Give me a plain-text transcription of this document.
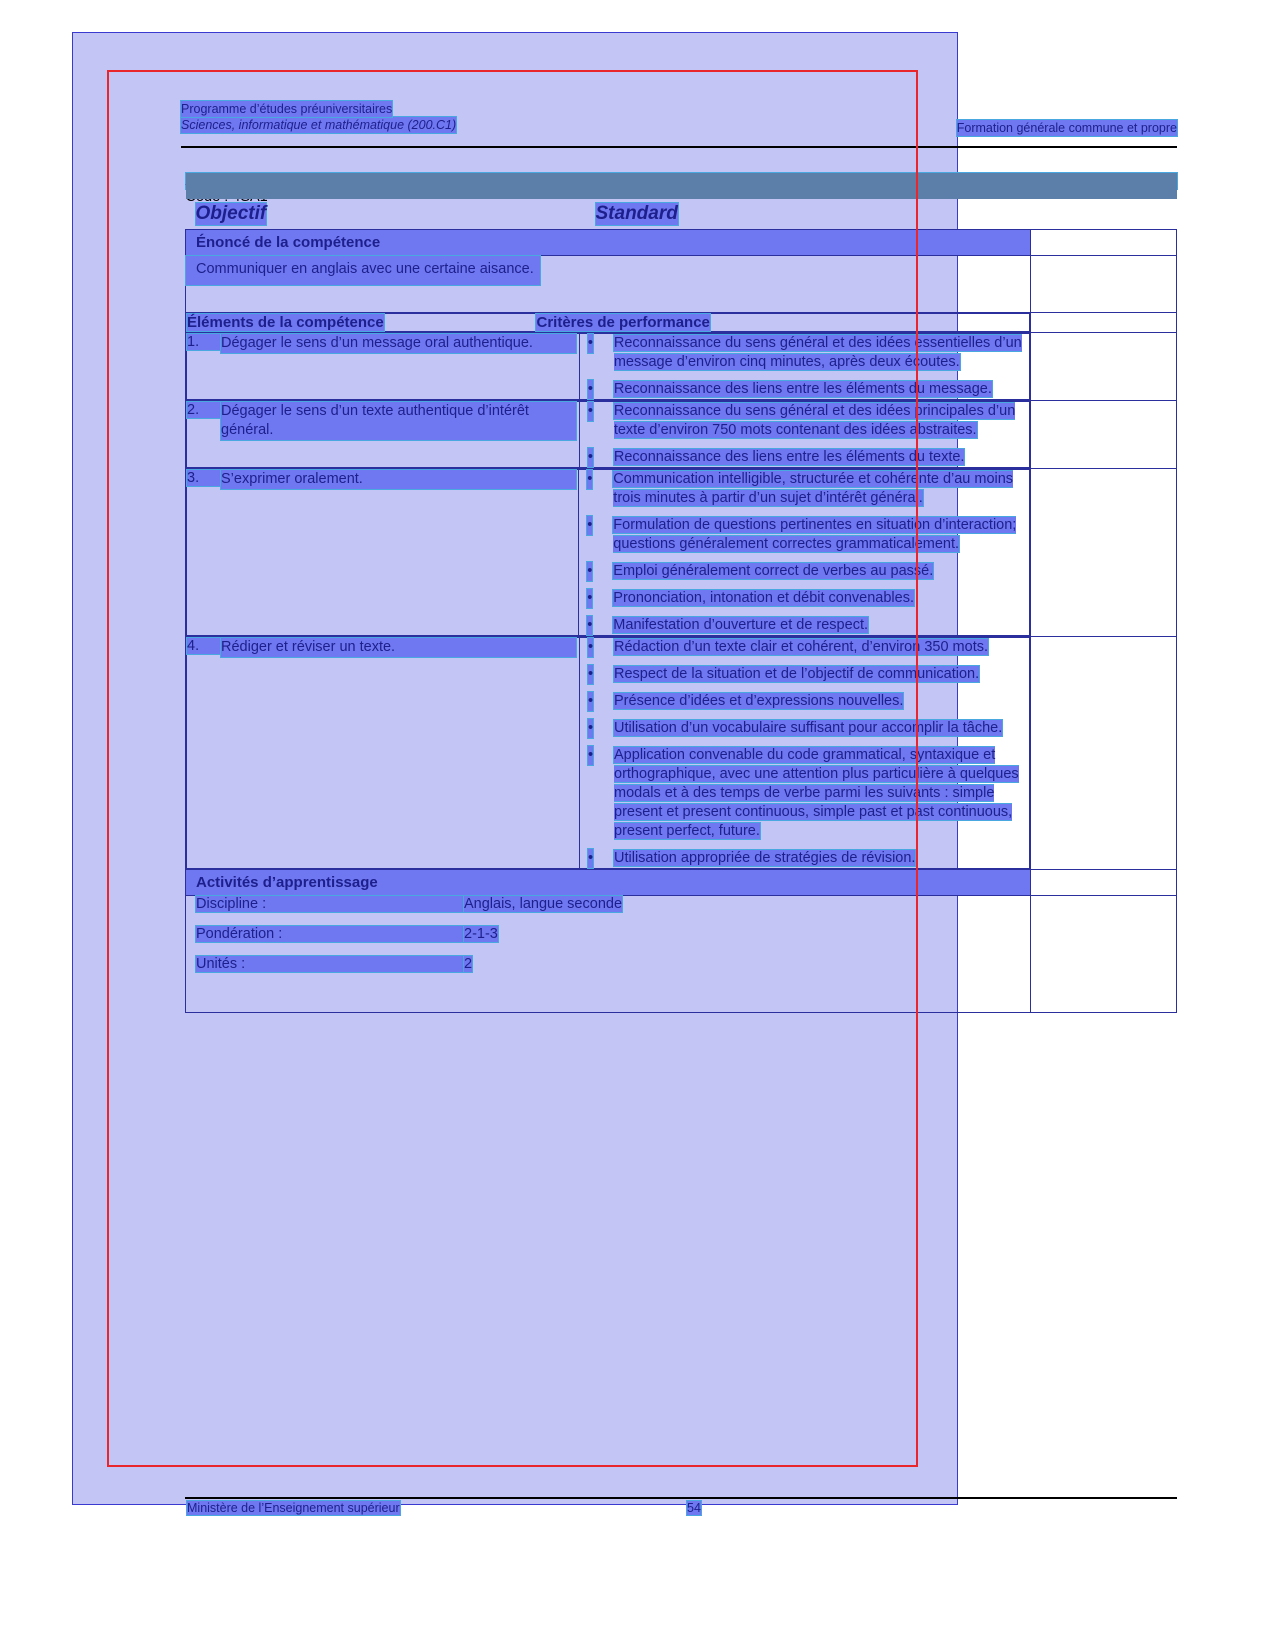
Programme d’études préuniversitaires
Sciences, informatique et mathématique (200.C1)	Formation générale commune et propre

Objectif	Standard

Énoncé de la compétence

Communiquer en anglais avec une certaine aisance.	

Éléments de la compétence	Critères de performance

1. Dégager le sens d’un message oral authentique.	• Reconnaissance du sens général et des idées essentielles d’un message d’environ cinq minutes, après deux écoutes.
• Reconnaissance des liens entre les éléments du message.

2. Dégager le sens d’un texte authentique d’intérêt général.	
• Reconnaissance du sens général et des idées principales d’un texte d’environ 750 mots contenant des idées abstraites.
• Reconnaissance des liens entre les éléments du texte.

3. S’exprimer oralement.	• Communication intelligible, structurée et cohérente d’au moins trois minutes à partir d’un sujet d’intérêt général.
• Formulation de questions pertinentes en situation d’interaction; questions généralement correctes grammaticalement.
• Emploi généralement correct de verbes au passé.
• Prononciation, intonation et débit convenables.
• Manifestation d’ouverture et de respect.

4. Rédiger et réviser un texte.	• Rédaction d’un texte clair et cohérent, d’environ 350 mots.
• Respect de la situation et de l’objectif de communication.
• Présence d’idées et d’expressions nouvelles.
• Utilisation d’un vocabulaire suffisant pour accomplir la tâche.
• Application convenable du code grammatical, syntaxique et orthographique, avec une attention plus particulière à quelques modals et à des temps de verbe parmi les suivants : simple present et present continuous, simple past et past continuous, present perfect, future.
• Utilisation appropriée de stratégies de révision.

Activités d’apprentissage

Discipline :	Anglais, langue seconde
Pondération :	2-1-3
Unités :	2

Ministère de l’Enseignement supérieur	54
